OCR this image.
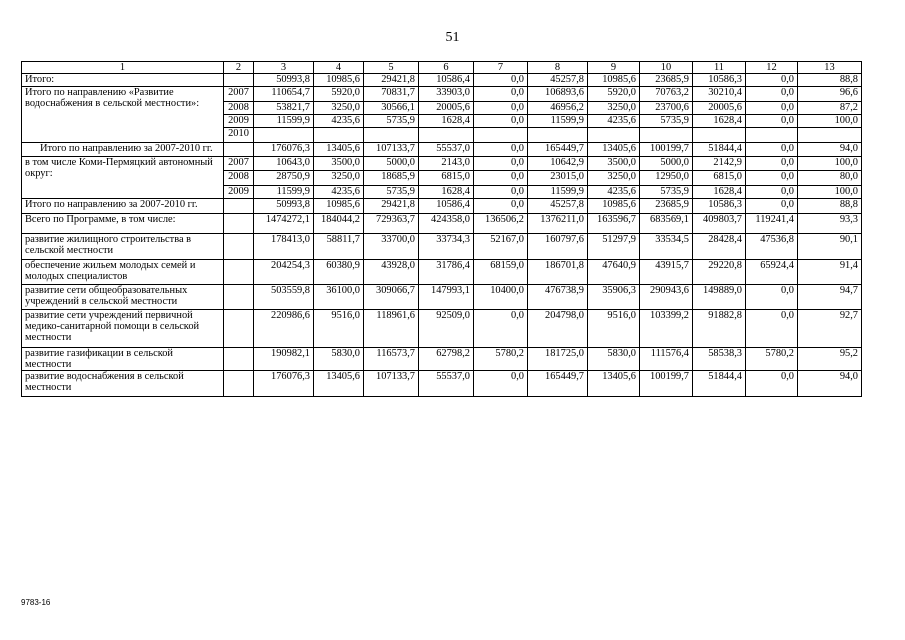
51
1	2	3	4	5	6	7	8	9	10	11	12	13
Итого:		50993,8	10985,6	29421,8	10586,4	0,0	45257,8	10985,6	23685,9	10586,3	0,0	88,8
Итого по направлению «Развитие водоснабжения в сельской местности»:	2007	110654,7	5920,0	70831,7	33903,0	0,0	106893,6	5920,0	70763,2	30210,4	0,0	96,6
	2008	53821,7	3250,0	30566,1	20005,6	0,0	46956,2	3250,0	23700,6	20005,6	0,0	87,2
	2009	11599,9	4235,6	5735,9	1628,4	0,0	11599,9	4235,6	5735,9	1628,4	0,0	100,0
	2010											
Итого по направлению за 2007-2010 гг.		176076,3	13405,6	107133,7	55537,0	0,0	165449,7	13405,6	100199,7	51844,4	0,0	94,0
в том числе Коми-Пермяцкий автономный округ:	2007	10643,0	3500,0	5000,0	2143,0	0,0	10642,9	3500,0	5000,0	2142,9	0,0	100,0
	2008	28750,9	3250,0	18685,9	6815,0	0,0	23015,0	3250,0	12950,0	6815,0	0,0	80,0
	2009	11599,9	4235,6	5735,9	1628,4	0,0	11599,9	4235,6	5735,9	1628,4	0,0	100,0
Итого по направлению за 2007-2010 гг.		50993,8	10985,6	29421,8	10586,4	0,0	45257,8	10985,6	23685,9	10586,3	0,0	88,8
Всего по Программе, в том числе:		1474272,1	184044,2	729363,7	424358,0	136506,2	1376211,0	163596,7	683569,1	409803,7	119241,4	93,3
развитие жилищного строительства в сельской местности		178413,0	58811,7	33700,0	33734,3	52167,0	160797,6	51297,9	33534,5	28428,4	47536,8	90,1
обеспечение жильем молодых семей и молодых специалистов		204254,3	60380,9	43928,0	31786,4	68159,0	186701,8	47640,9	43915,7	29220,8	65924,4	91,4
развитие сети общеобразовательных учреждений в сельской местности		503559,8	36100,0	309066,7	147993,1	10400,0	476738,9	35906,3	290943,6	149889,0	0,0	94,7
развитие сети учреждений первичной медико-санитарной помощи в сельской местности		220986,6	9516,0	118961,6	92509,0	0,0	204798,0	9516,0	103399,2	91882,8	0,0	92,7
развитие газификации в сельской местности		190982,1	5830,0	116573,7	62798,2	5780,2	181725,0	5830,0	111576,4	58538,3	5780,2	95,2
развитие водоснабжения в сельской местности		176076,3	13405,6	107133,7	55537,0	0,0	165449,7	13405,6	100199,7	51844,4	0,0	94,0
9783-16
